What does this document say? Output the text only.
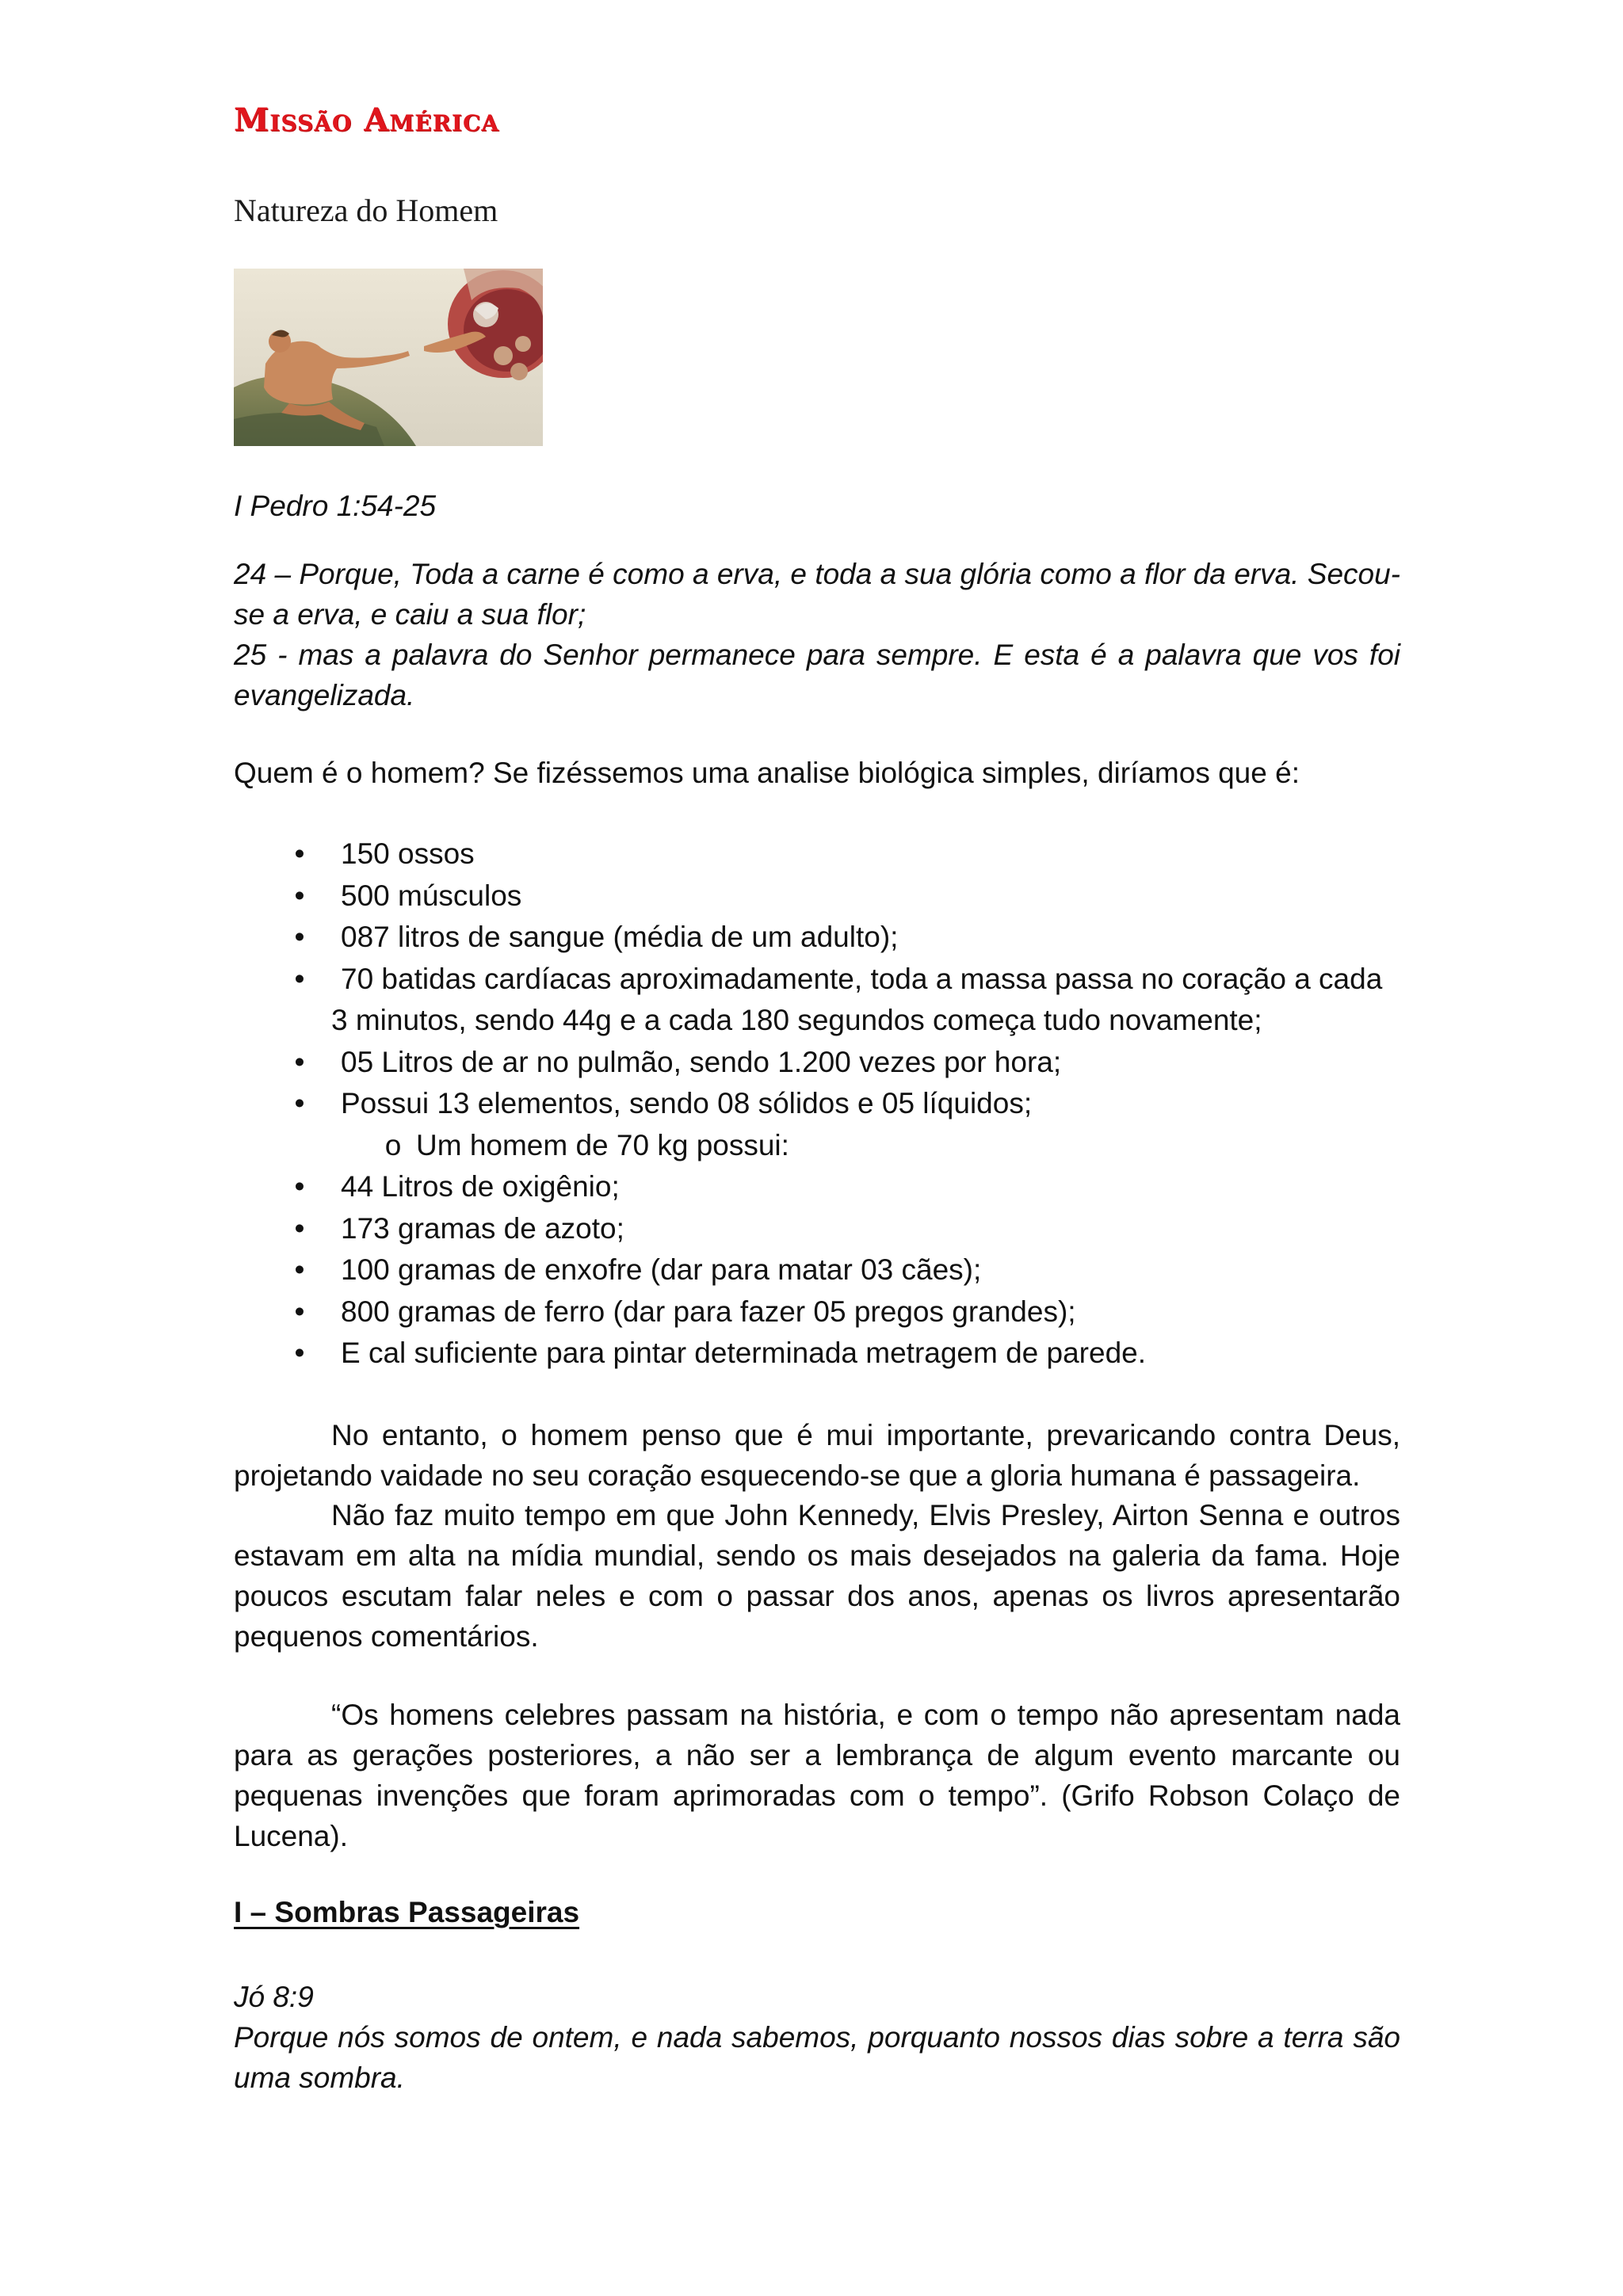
Missão América
Natureza do Homem
I Pedro 1:54-25
24 – Porque, Toda a carne é como a erva, e toda a sua glória como a flor da erva. Secou-se a erva, e caiu a sua flor;
25 - mas a palavra do Senhor permanece para sempre. E esta é a palavra que vos foi evangelizada.
Quem é o homem? Se fizéssemos uma analise biológica simples, diríamos que é:
• 150 ossos
• 500 músculos
• 087 litros de sangue (média de um adulto);
• 70 batidas cardíacas aproximadamente, toda a massa passa no coração a cada
3 minutos, sendo 44g e a cada 180 segundos começa tudo novamente;
• 05 Litros de ar no pulmão, sendo 1.200 vezes por hora;
• Possui 13 elementos, sendo 08 sólidos e 05 líquidos;
o Um homem de 70 kg possui:
• 44 Litros de oxigênio;
• 173 gramas de azoto;
• 100 gramas de enxofre (dar para matar 03 cães);
• 800 gramas de ferro (dar para fazer 05 pregos grandes);
• E cal suficiente para pintar determinada metragem de parede.
No entanto, o homem penso que é mui importante, prevaricando contra Deus, projetando vaidade no seu coração esquecendo-se que a gloria humana é passageira.
Não faz muito tempo em que John Kennedy, Elvis Presley, Airton Senna e outros estavam em alta na mídia mundial, sendo os mais desejados na galeria da fama. Hoje poucos escutam falar neles e com o passar dos anos, apenas os livros apresentarão pequenos comentários.
“Os homens celebres passam na história, e com o tempo não apresentam nada para as gerações posteriores, a não ser a lembrança de algum evento marcante ou pequenas invenções que foram aprimoradas com o tempo”. (Grifo Robson Colaço de Lucena).
I – Sombras Passageiras
Jó 8:9
Porque nós somos de ontem, e nada sabemos, porquanto nossos dias sobre a terra são uma sombra.
